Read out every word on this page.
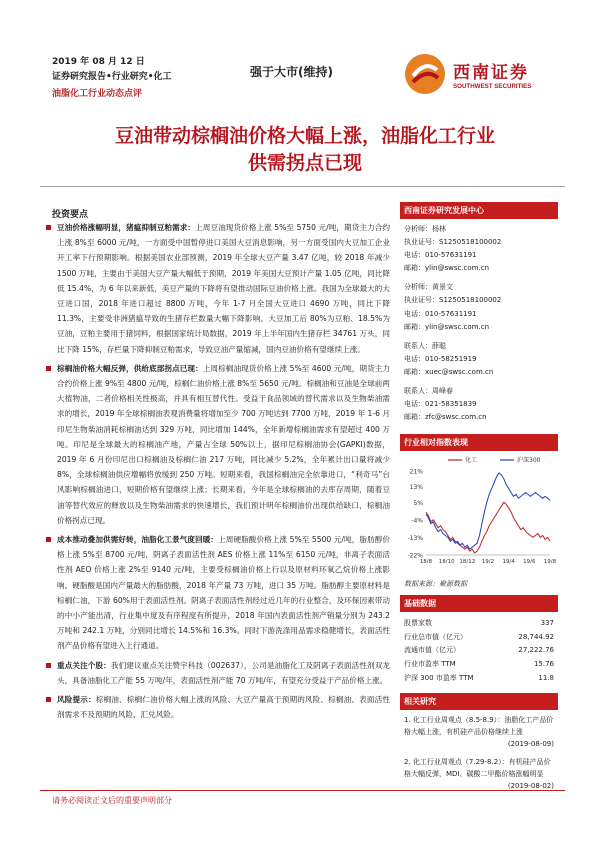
2019 年 08 月 12 日
证券研究报告•行业研究•化工
油脂化工行业动态点评
强于大市(维持)	西南证券
SOUTHWEST SECURITIES
豆油带动棕榈油价格大幅上涨，油脂化工行业
供需拐点已现
投资要点
豆油价格涨幅明显，猪瘟抑制豆粕需求：上周豆油现货价格上涨 5%至 5750 元/吨，期货主力合约上涨 8%至 6000 元/吨，一方面受中国暂停进口美国大豆消息影响，另一方面受国内大豆加工企业开工率下行预期影响。根据美国农业部预测，2019 年全球大豆产量 3.47 亿吨，较 2018 年减少 1500 万吨，主要由于美国大豆产量大幅低于预期，2019 年美国大豆预计产量 1.05 亿吨，同比降低 15.4%，为 6 年以来新低，美豆产量的下降将有望推动国际豆油价格上涨。我国为全球最大的大豆进口国，2018 年进口超过 8800 万吨，今年 1-7 月全国大豆进口 4690 万吨，同比下降 11.3%，主要受非洲猪瘟导致的生猪存栏数量大幅下降影响。大豆加工后 80%为豆粕、18.5%为豆油，豆粕主要用于猪饲料，根据国家统计局数据，2019 年上半年国内生猪存栏 34761 万头，同比下降 15%，存栏量下降抑制豆粕需求，导致豆油产量缩减，国内豆油价格有望继续上涨。
棕榈油价格大幅反弹，供给底部拐点已现：上周棕榈油现货价格上涨 5%至 4600 元/吨，期货主力合约价格上涨 9%至 4800 元/吨，棕榈仁油价格上涨 8%至 5650 元/吨。棕榈油和豆油是全球前两大植物油，二者价格相关性极高，并具有相互替代性。受益于食品领域的替代需求以及生物柴油需求的增长，2019 年全球棕榈油表观消费量将增加至少 700 万吨达到 7700 万吨，2019 年 1-6 月印尼生物柴油消耗棕榈油达到 329 万吨，同比增加 144%，全年新增棕榈油需求有望超过 400 万吨。印尼是全球最大的棕榈油产地，产量占全球 50%以上，据印尼棕榈油协会(GAPKI)数据，2019 年 6 月份印尼出口棕榈油及棕榈仁油 217 万吨，同比减少 5.2%，全年累计出口量将减少 8%，全球棕榈油供应增幅将放缓到 250 万吨。短期来看，我国棕榈油完全依靠进口，“利奇马”台风影响棕榈油进口，短期价格有望继续上涨；长期来看，今年是全球棕榈油的去库存周期，随着豆油等替代效应的释放以及生物柴油需求的快速增长，我们预计明年棕榈油价出现供给缺口，棕榈油价格拐点已现。
成本推动叠加供需好转，油脂化工景气度回暖：上周硬脂酸价格上涨 5%至 5500 元/吨，脂肪醇价格上涨 5%至 8700 元/吨，阴离子表面活性剂 AES 价格上涨 11%至 6150 元/吨，非离子表面活性剂 AEO 价格上涨 2%至 9140 元/吨，主要受棕榈油价格上行以及原材料环氧乙烷价格上涨影响。硬脂酸是国内产量最大的脂肪酸，2018 年产量 73 万吨，进口 35 万吨。脂肪醇主要原材料是棕榈仁油，下游 60%用于表面活性剂。阴离子表面活性剂经过近几年的行业整合，及环保因素带动的中小产能出清，行业集中度及有序程度有所提升，2018 年国内表面活性剂产销量分别为 243.2 万吨和 242.1 万吨，分别同比增长 14.5%和 16.3%。同时下游洗涤用品需求稳健增长，表面活性剂产品价格有望进入上行通道。
重点关注个股：我们建议重点关注赞宇科技（002637），公司是油脂化工及阴离子表面活性剂双龙头，具备油脂化工产能 55 万吨/年，表面活性剂产能 70 万吨/年，有望充分受益于产品价格上涨。
风险提示：棕榈油、棕榈仁油价格大幅上涨的风险、大豆产量高于预期的风险、棕榈油、表面活性剂需求不及预期的风险、汇兑风险。
西南证券研究发展中心
分析师：杨林
执业证号：S1250518100002
电话：010-57631191
邮箱：ylin@swsc.com.cn
分析师：黄景文
执业证号：S1250518100002
电话：010-57631191
邮箱：ylin@swsc.com.cn
联系人：薛聪
电话：010-58251919
邮箱：xuec@swsc.com.cn
联系人：周峰春
电话：021-58351839
邮箱：zfc@swsc.com.cn
行业相对指数表现
21%
13%
5%
-4%
-13%
-22%
18/8 18/10 18/12 19/2 19/4 19/6 19/8
化工	沪深300
数据来源：聚源数据
基础数据
股票家数	337
行业总市值（亿元）	28,744.92
流通市值（亿元）	27,222.76
行业市盈率 TTM	15.76
沪深 300 市盈率 TTM	11.8
相关研究
1. 化工行业周观点（8.5-8.9）：油脂化工产品价格大幅上涨，有机硅产品价格继续上涨
(2019-08-09)
2. 化工行业周观点（7.29-8.2）：有机硅产品价格大幅反弹，MDI、碳酸二甲酯价格涨幅明显
(2019-08-02)
请务必阅读正文后的重要声明部分
